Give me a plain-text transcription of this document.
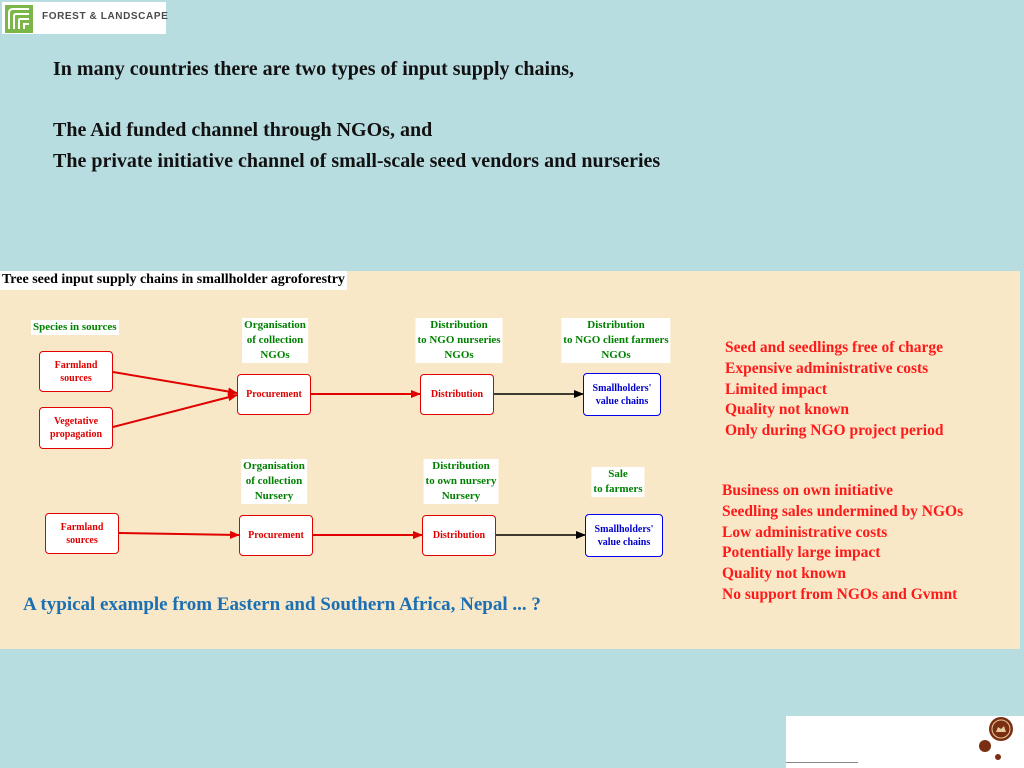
FOREST & LANDSCAPE

In many countries there are two types of input supply chains,

The Aid funded channel through NGOs, and

The private initiative channel of small-scale seed vendors and nurseries

Tree seed input supply chains in smallholder agroforestry
Species in sources	Organisation
of collection
NGOs
Distribution
to NGO nurseries
NGOs
Distribution
to NGO client farmers
NGOs
Farmland
sources
Vegetative
propagation
Procurement	Distribution
Smallholders'
value chains
Organisation
of collection
Nursery
Distribution
to own nursery
Nursery
Sale
to farmers
Farmland
sources	Procurement	Distribution
Smallholders'
value chains
Seed and seedlings free of charge
Expensive administrative costs
Limited impact
Quality not known
Only during NGO project period
Business on own initiative
Seedling sales undermined by NGOs
Low administrative costs
Potentially large impact
Quality not known
No support from NGOs and Gvmnt
A typical example from Eastern and Southern Africa, Nepal ... ?
